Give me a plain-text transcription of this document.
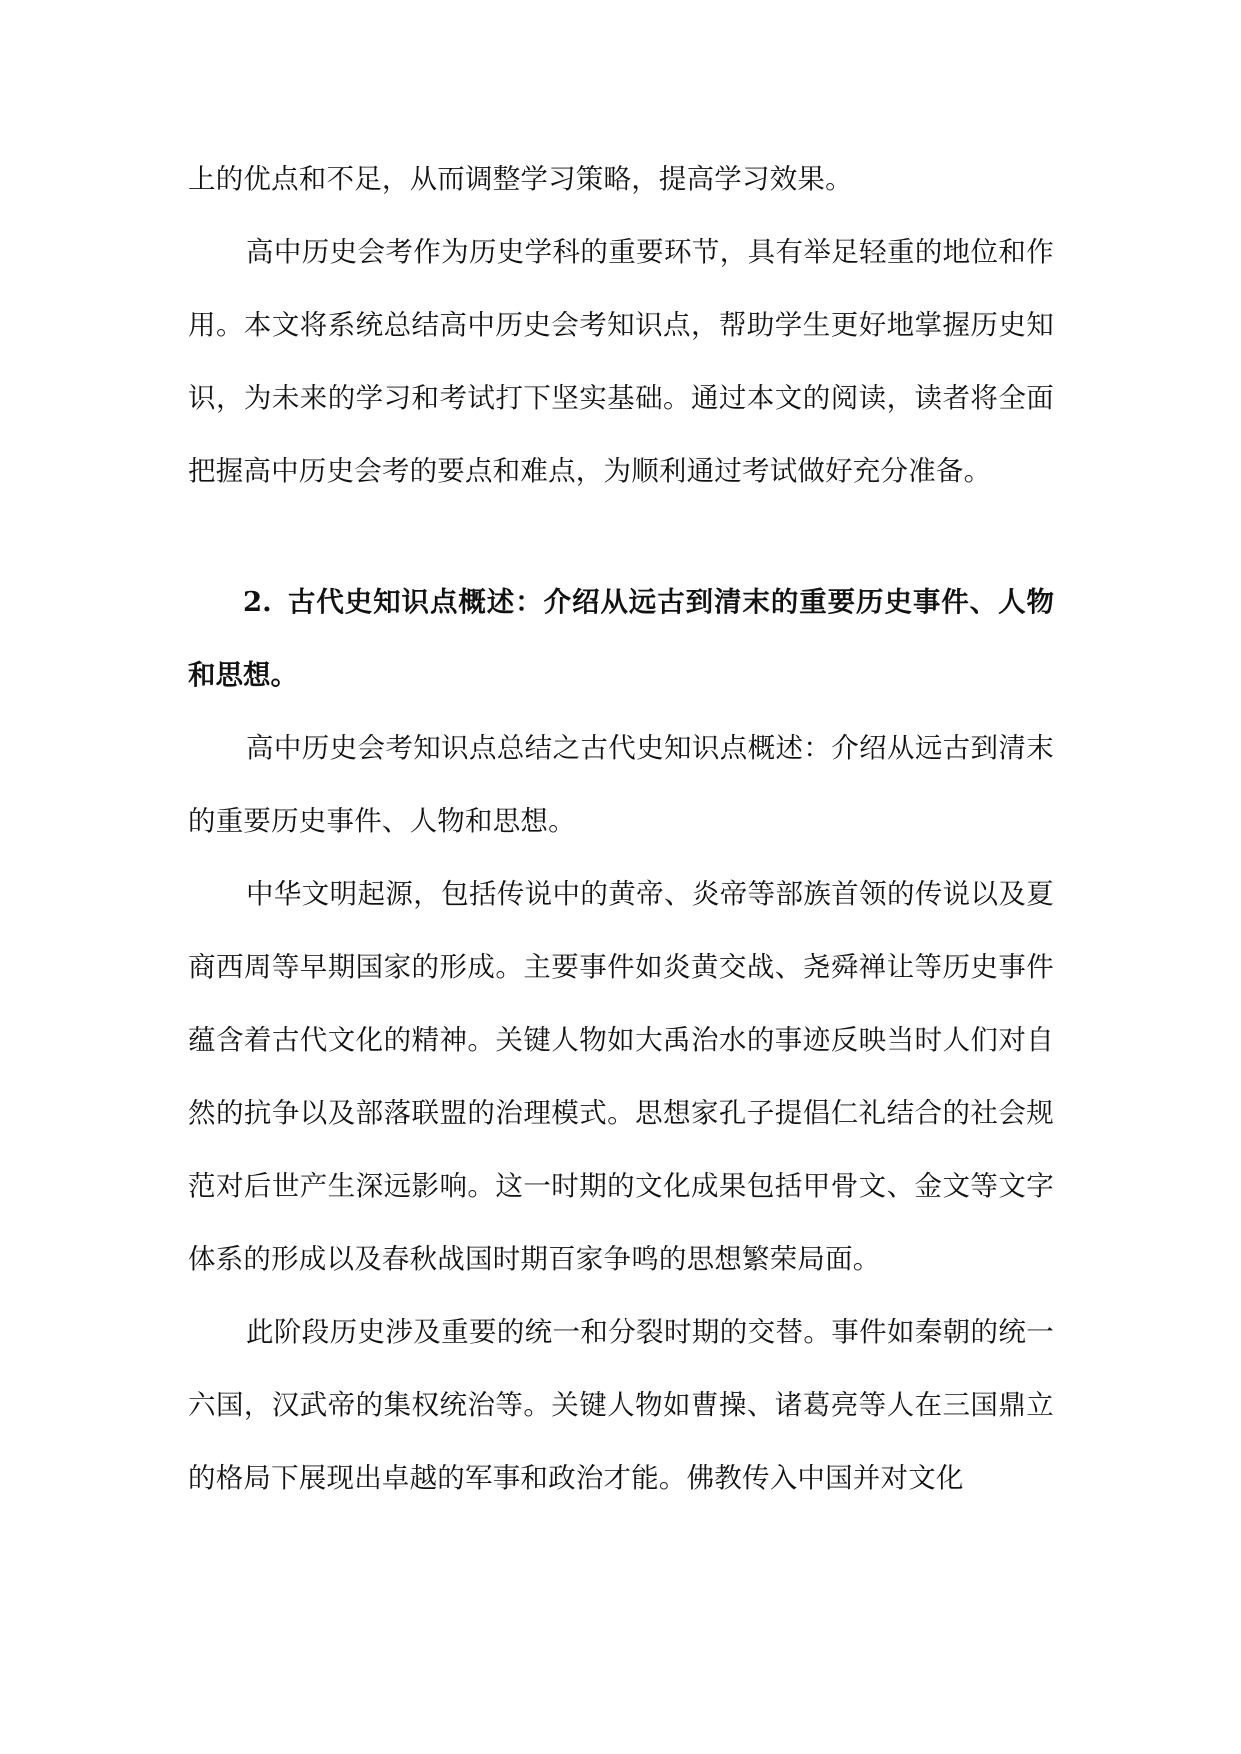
上的优点和不足，从而调整学习策略，提高学习效果。

高中历史会考作为历史学科的重要环节，具有举足轻重的地位和作用。本文将系统总结高中历史会考知识点，帮助学生更好地掌握历史知识，为未来的学习和考试打下坚实基础。通过本文的阅读，读者将全面把握高中历史会考的要点和难点，为顺利通过考试做好充分准备。

2. 古代史知识点概述：介绍从远古到清末的重要历史事件、人物和思想。

高中历史会考知识点总结之古代史知识点概述：介绍从远古到清末的重要历史事件、人物和思想。

中华文明起源，包括传说中的黄帝、炎帝等部族首领的传说以及夏商西周等早期国家的形成。主要事件如炎黄交战、尧舜禅让等历史事件蕴含着古代文化的精神。关键人物如大禹治水的事迹反映当时人们对自然的抗争以及部落联盟的治理模式。思想家孔子提倡仁礼结合的社会规范对后世产生深远影响。这一时期的文化成果包括甲骨文、金文等文字体系的形成以及春秋战国时期百家争鸣的思想繁荣局面。

此阶段历史涉及重要的统一和分裂时期的交替。事件如秦朝的统一六国，汉武帝的集权统治等。关键人物如曹操、诸葛亮等人在三国鼎立的格局下展现出卓越的军事和政治才能。佛教传入中国并对文化
